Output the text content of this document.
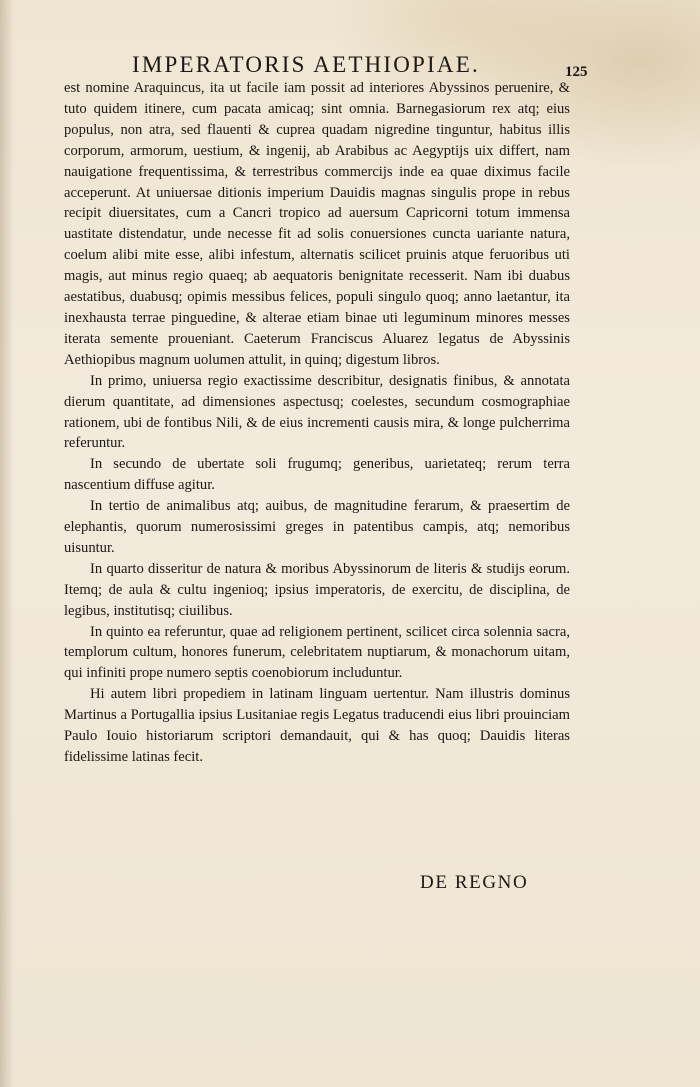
IMPERATORIS AETHIOPIAE.	125

est nomine Araquincus, ita ut facile iam possit ad interiores Abyssinos peruenire, & tuto quidem itinere, cum pacata amicaq; sint omnia. Barnegasiorum rex atq; eius populus, non atra, sed flauenti & cuprea quadam nigredine tinguntur, habitus illis corporum, armorum, uestium, & ingenij, ab Arabibus ac Aegyptijs uix differt, nam nauigatione frequentissima, & terrestribus commercijs inde ea quae diximus facile acceperunt. At uniuersae ditionis imperium Dauidis magnas singulis prope in rebus recipit diuersitates, cum a Cancri tropico ad auersum Capricorni totum immensa uastitate distendatur, unde necesse fit ad solis conuersiones cuncta uariante natura, coelum alibi mite esse, alibi infestum, alternatis scilicet pruinis atque feruoribus uti magis, aut minus regio quaeq; ab aequatoris benignitate recesserit. Nam ibi duabus aestatibus, duabusq; opimis messibus felices, populi singulo quoq; anno laetantur, ita inexhausta terrae pinguedine, & alterae etiam binae uti leguminum minores messes iterata semente proueniant. Caeterum Franciscus Aluarez legatus de Abyssinis Aethiopibus magnum uolumen attulit, in quinq; digestum libros.

In primo, uniuersa regio exactissime describitur, designatis finibus, & annotata dierum quantitate, ad dimensiones aspectusq; coelestes, secundum cosmographiae rationem, ubi de fontibus Nili, & de eius incrementi causis mira, & longe pulcherrima referuntur.

In secundo de ubertate soli frugumq; generibus, uarietateq; rerum terra nascentium diffuse agitur.

In tertio de animalibus atq; auibus, de magnitudine ferarum, & praesertim de elephantis, quorum numerosissimi greges in patentibus campis, atq; nemoribus uisuntur.

In quarto disseritur de natura & moribus Abyssinorum de literis & studijs eorum. Itemq; de aula & cultu ingenioq; ipsius imperatoris, de exercitu, de disciplina, de legibus, institutisq; ciuilibus.

In quinto ea referuntur, quae ad religionem pertinent, scilicet circa solennia sacra, templorum cultum, honores funerum, celebritatem nuptiarum, & monachorum uitam, qui infiniti prope numero septis coenobiorum includuntur.

Hi autem libri propediem in latinam linguam uertentur. Nam illustris dominus Martinus a Portugallia ipsius Lusitaniae regis Legatus traducendi eius libri prouinciam Paulo Iouio historiarum scriptori demandauit, qui & has quoq; Dauidis literas fidelissime latinas fecit.

DE REGNO
